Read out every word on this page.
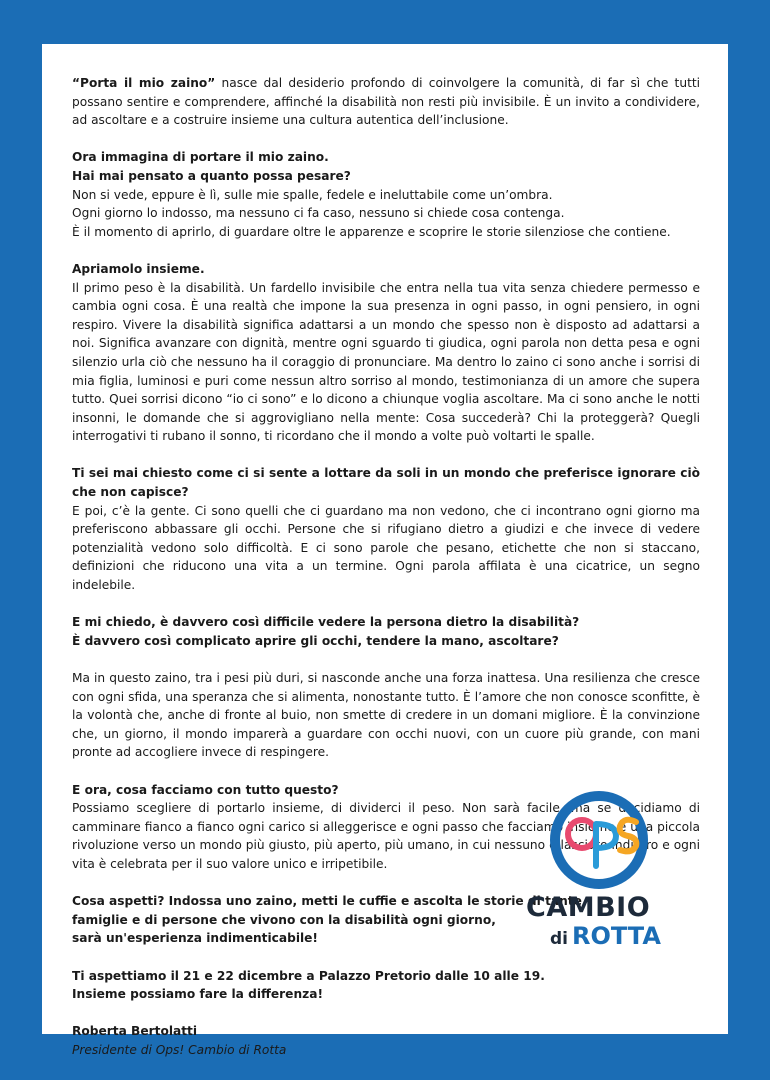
“Porta il mio zaino” nasce dal desiderio profondo di coinvolgere la comunità, di far sì che tutti possano sentire e comprendere, affinché la disabilità non resti più invisibile. È un invito a condividere, ad ascoltare e a costruire insieme una cultura autentica dell’inclusione.

Ora immagina di portare il mio zaino.
Hai mai pensato a quanto possa pesare?
Non si vede, eppure è lì, sulle mie spalle, fedele e ineluttabile come un’ombra.
Ogni giorno lo indosso, ma nessuno ci fa caso, nessuno si chiede cosa contenga.
È il momento di aprirlo, di guardare oltre le apparenze e scoprire le storie silenziose che contiene.
Apriamolo insieme.
Il primo peso è la disabilità. Un fardello invisibile che entra nella tua vita senza chiedere permesso e cambia ogni cosa. È una realtà che impone la sua presenza in ogni passo, in ogni pensiero, in ogni respiro. Vivere la disabilità significa adattarsi a un mondo che spesso non è disposto ad adattarsi a noi. Significa avanzare con dignità, mentre ogni sguardo ti giudica, ogni parola non detta pesa e ogni silenzio urla ciò che nessuno ha il coraggio di pronunciare. Ma dentro lo zaino ci sono anche i sorrisi di mia figlia, luminosi e puri come nessun altro sorriso al mondo, testimonianza di un amore che supera tutto. Quei sorrisi dicono “io ci sono” e lo dicono a chiunque voglia ascoltare. Ma ci sono anche le notti insonni, le domande che si aggrovigliano nella mente: Cosa succederà? Chi la proteggerà? Quegli interrogativi ti rubano il sonno, ti ricordano che il mondo a volte può voltarti le spalle.
Ti sei mai chiesto come ci si sente a lottare da soli in un mondo che preferisce ignorare ciò che non capisce?
E poi, c’è la gente. Ci sono quelli che ci guardano ma non vedono, che ci incontrano ogni giorno ma preferiscono abbassare gli occhi. Persone che si rifugiano dietro a giudizi e che invece di vedere potenzialità vedono solo difficoltà. E ci sono parole che pesano, etichette che non si staccano, definizioni che riducono una vita a un termine. Ogni parola affilata è una cicatrice, un segno indelebile.
E mi chiedo, è davvero così difficile vedere la persona dietro la disabilità?
È davvero così complicato aprire gli occhi, tendere la mano, ascoltare?

Ma in questo zaino, tra i pesi più duri, si nasconde anche una forza inattesa. Una resilienza che cresce con ogni sfida, una speranza che si alimenta, nonostante tutto. È l’amore che non conosce sconfitte, è la volontà che, anche di fronte al buio, non smette di credere in un domani migliore. È la convinzione che, un giorno, il mondo imparerà a guardare con occhi nuovi, con un cuore più grande, con mani pronte ad accogliere invece di respingere.

E ora, cosa facciamo con tutto questo?
Possiamo scegliere di portarlo insieme, di dividerci il peso. Non sarà facile, ma se decidiamo di camminare fianco a fianco ogni carico si alleggerisce e ogni passo che facciamo insieme è una piccola rivoluzione verso un mondo più giusto, più aperto, più umano, in cui nessuno è lasciato indietro e ogni vita è celebrata per il suo valore unico e irripetibile.
Cosa aspetti? Indossa uno zaino, metti le cuffie e ascolta le storie di tante
famiglie e di persone che vivono con la disabilità ogni giorno,
sarà un'esperienza indimenticabile!
Ti aspettiamo il 21 e 22 dicembre a Palazzo Pretorio dalle 10 alle 19.
Insieme possiamo fare la differenza!
Roberta Bertolatti
Presidente di Ops! Cambio di Rotta
CAMBIO
di ROTTA
